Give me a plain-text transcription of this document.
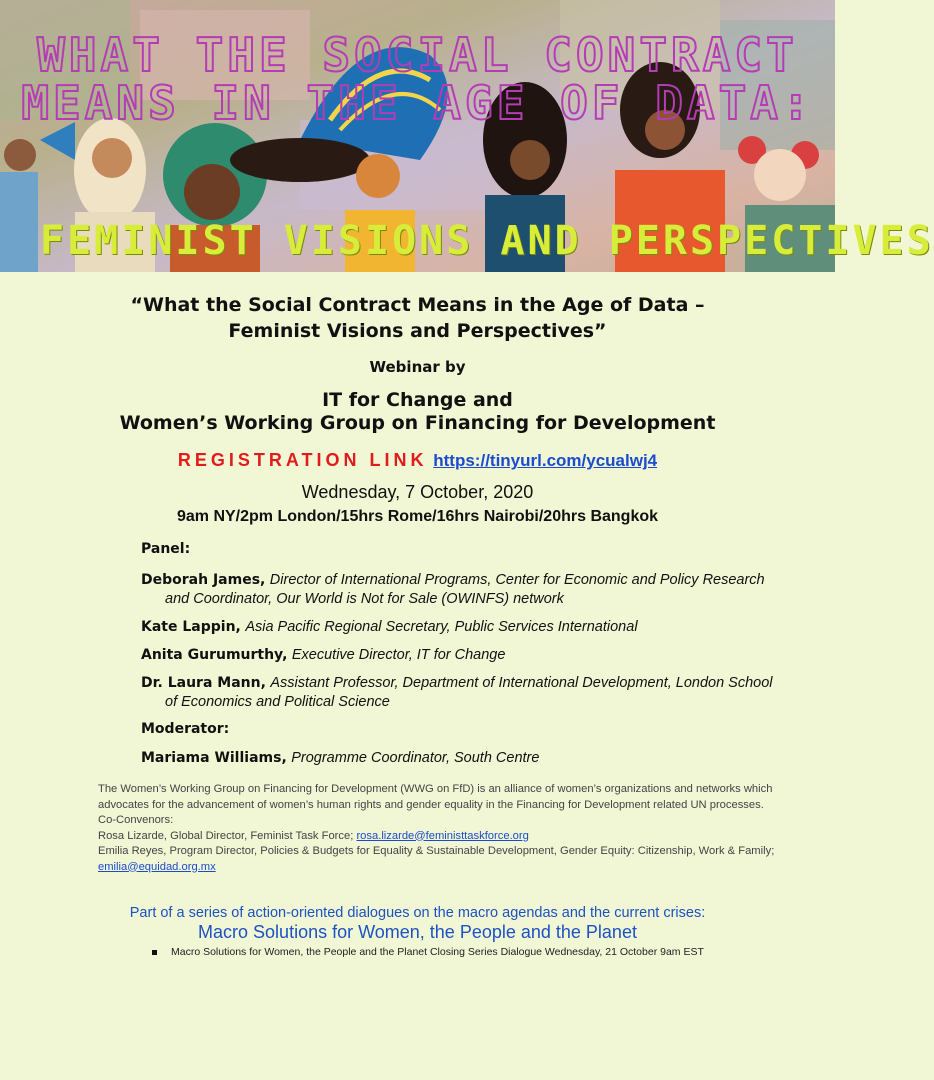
WHAT THE SOCIAL CONTRACT
MEANS IN THE AGE OF DATA:
FEMINIST VISIONS AND PERSPECTIVES
“What the Social Contract Means in the Age of Data –
Feminist Visions and Perspectives”
Webinar by
IT for Change and
Women’s Working Group on Financing for Development
REGISTRATION LINK https://tinyurl.com/ycualwj4
Wednesday, 7 October, 2020
9am NY/2pm London/15hrs Rome/16hrs Nairobi/20hrs Bangkok
Panel:
Deborah James, Director of International Programs, Center for Economic and Policy Research and Coordinator, Our World is Not for Sale (OWINFS) network
Kate Lappin, Asia Pacific Regional Secretary, Public Services International
Anita Gurumurthy, Executive Director, IT for Change
Dr. Laura Mann, Assistant Professor, Department of International Development, London School of Economics and Political Science
Moderator:
Mariama Williams, Programme Coordinator, South Centre
The Women’s Working Group on Financing for Development (WWG on FfD) is an alliance of women’s organizations and networks which advocates for the advancement of women’s human rights and gender equality in the Financing for Development related UN processes.
Co-Convenors:
Rosa Lizarde, Global Director, Feminist Task Force; rosa.lizarde@feministtaskforce.org
Emilia Reyes, Program Director, Policies & Budgets for Equality & Sustainable Development, Gender Equity: Citizenship, Work & Family; emilia@equidad.org.mx
Part of a series of action-oriented dialogues on the macro agendas and the current crises:
Macro Solutions for Women, the People and the Planet
Macro Solutions for Women, the People and the Planet Closing Series Dialogue Wednesday, 21 October 9am EST
